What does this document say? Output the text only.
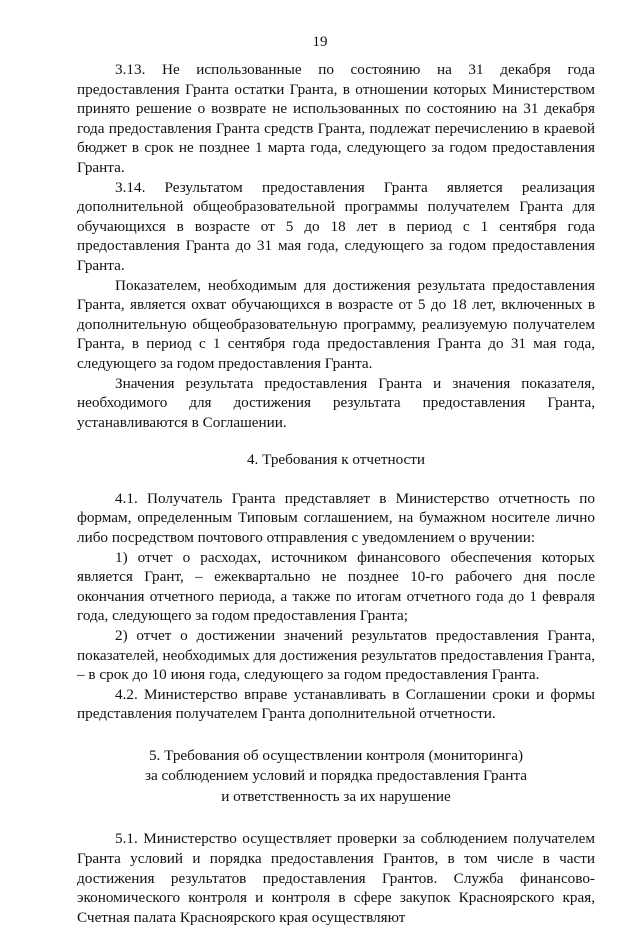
19

3.13. Не использованные по состоянию на 31 декабря года предоставления Гранта остатки Гранта, в отношении которых Министерством принято решение о возврате не использованных по состоянию на 31 декабря года предоставления Гранта средств Гранта, подлежат перечислению в краевой бюджет в срок не позднее 1 марта года, следующего за годом предоставления Гранта.

3.14. Результатом предоставления Гранта является реализация дополнительной общеобразовательной программы получателем Гранта для обучающихся в возрасте от 5 до 18 лет в период с 1 сентября года предоставления Гранта до 31 мая года, следующего за годом предоставления Гранта.

Показателем, необходимым для достижения результата предоставления Гранта, является охват обучающихся в возрасте от 5 до 18 лет, включенных в дополнительную общеобразовательную программу, реализуемую получателем Гранта, в период с 1 сентября года предоставления Гранта до 31 мая года, следующего за годом предоставления Гранта.

Значения результата предоставления Гранта и значения показателя, необходимого для достижения результата предоставления Гранта, устанавливаются в Соглашении.

4. Требования к отчетности

4.1. Получатель Гранта представляет в Министерство отчетность по формам, определенным Типовым соглашением, на бумажном носителе лично либо посредством почтового отправления с уведомлением о вручении:

1) отчет о расходах, источником финансового обеспечения которых является Грант, – ежеквартально не позднее 10-го рабочего дня после окончания отчетного периода, а также по итогам отчетного года до 1 февраля года, следующего за годом предоставления Гранта;

2) отчет о достижении значений результатов предоставления Гранта, показателей, необходимых для достижения результатов предоставления Гранта, – в срок до 10 июня года, следующего за годом предоставления Гранта.

4.2. Министерство вправе устанавливать в Соглашении сроки и формы представления получателем Гранта дополнительной отчетности.

5. Требования об осуществлении контроля (мониторинга)

за соблюдением условий и порядка предоставления Гранта

и ответственность за их нарушение

5.1. Министерство осуществляет проверки за соблюдением получателем Гранта условий и порядка предоставления Грантов, в том числе в части достижения результатов предоставления Грантов. Служба финансово-экономического контроля и контроля в сфере закупок Красноярского края, Счетная палата Красноярского края осуществляют
